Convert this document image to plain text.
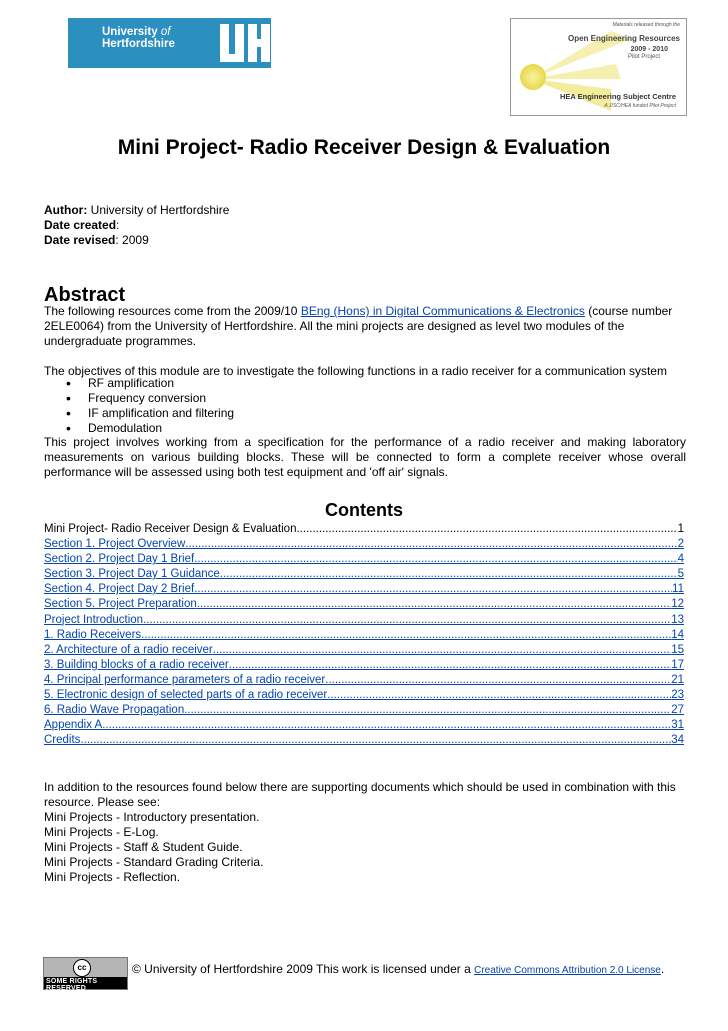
University of
Hertfordshire
Materials released through the
Open Engineering Resources
2009 - 2010
Pilot Project
HEA Engineering Subject Centre
A JISC/HEA funded Pilot Project
Mini Project- Radio Receiver Design & Evaluation
Author: University of Hertfordshire
Date created:
Date revised: 2009
Abstract
The following resources come from the 2009/10 BEng (Hons) in Digital Communications & Electronics (course number 2ELE0064) from the University of Hertfordshire. All the mini projects are designed as level two modules of the undergraduate programmes.
The objectives of this module are to investigate the following functions in a radio receiver for a communication system
• RF amplification
• Frequency conversion
• IF amplification and filtering
• Demodulation
This project involves working from a specification for the performance of a radio receiver and making laboratory measurements on various building blocks. These will be connected to form a complete receiver whose overall performance will be assessed using both test equipment and 'off air' signals.
Contents
Mini Project- Radio Receiver Design & Evaluation .....	1
Section 1. Project Overview .....	2
Section 2. Project Day 1 Brief .....	4
Section 3. Project Day 1 Guidance .....	5
Section 4. Project Day 2 Brief .....	11
Section 5. Project Preparation .....	12
Project Introduction .....	13
1. Radio Receivers .....	14
2. Architecture of a radio receiver .....	15
3. Building blocks of a radio receiver .....	17
4. Principal performance parameters of a radio receiver .....	21
5. Electronic design of selected parts of a radio receiver .....	23
6. Radio Wave Propagation .....	27
Appendix A .....	31
Credits .....	34
In addition to the resources found below there are supporting documents which should be used in combination with this resource. Please see:
Mini Projects - Introductory presentation.
Mini Projects - E-Log.
Mini Projects - Staff & Student Guide.
Mini Projects - Standard Grading Criteria.
Mini Projects - Reflection.
cc
SOME RIGHTS RESERVED
© University of Hertfordshire 2009 This work is licensed under a Creative Commons Attribution 2.0 License.
